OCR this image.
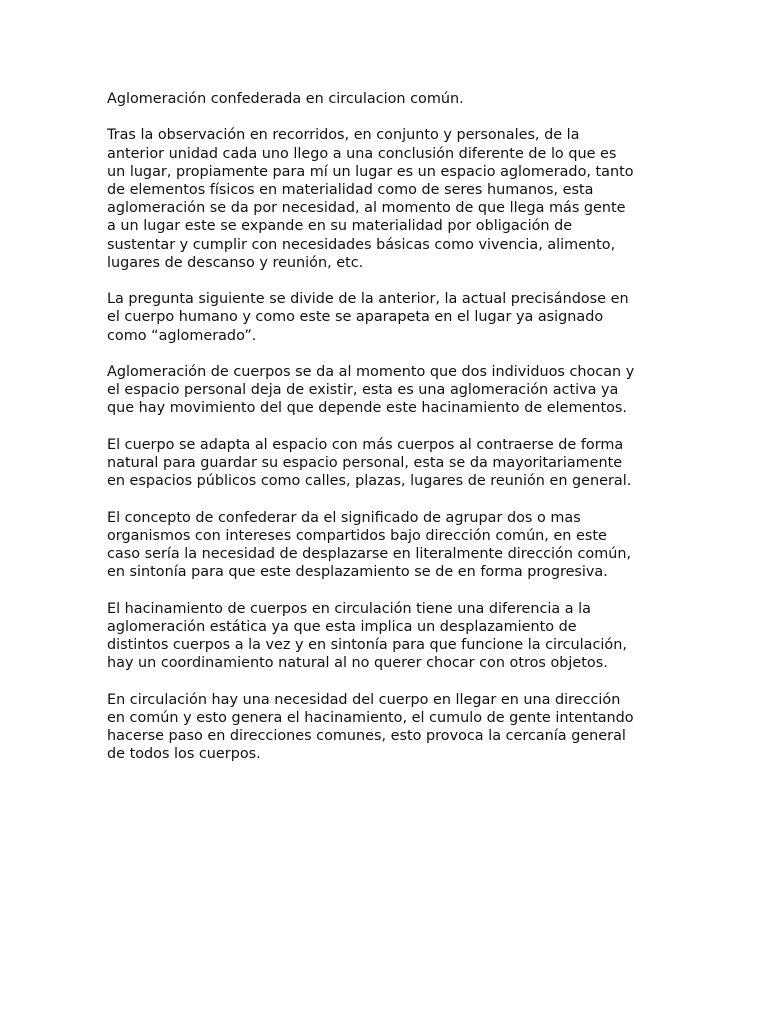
Aglomeración confederada en circulacion común.

Tras la observación en recorridos, en conjunto y personales, de la
anterior unidad cada uno llego a una conclusión diferente de lo que es
un lugar, propiamente para mí un lugar es un espacio aglomerado, tanto
de elementos físicos en materialidad como de seres humanos, esta
aglomeración se da por necesidad, al momento de que llega más gente
a un lugar este se expande en su materialidad por obligación de
sustentar y cumplir con necesidades básicas como vivencia, alimento,
lugares de descanso y reunión, etc.

La pregunta siguiente se divide de la anterior, la actual precisándose en
el cuerpo humano y como este se aparapeta en el lugar ya asignado
como “aglomerado”.

Aglomeración de cuerpos se da al momento que dos individuos chocan y
el espacio personal deja de existir, esta es una aglomeración activa ya
que hay movimiento del que depende este hacinamiento de elementos.

El cuerpo se adapta al espacio con más cuerpos al contraerse de forma
natural para guardar su espacio personal, esta se da mayoritariamente
en espacios públicos como calles, plazas, lugares de reunión en general.

El concepto de confederar da el significado de agrupar dos o mas
organismos con intereses compartidos bajo dirección común, en este
caso sería la necesidad de desplazarse en literalmente dirección común,
en sintonía para que este desplazamiento se de en forma progresiva.

El hacinamiento de cuerpos en circulación tiene una diferencia a la
aglomeración estática ya que esta implica un desplazamiento de
distintos cuerpos a la vez y en sintonía para que funcione la circulación,
hay un coordinamiento natural al no querer chocar con otros objetos.

En circulación hay una necesidad del cuerpo en llegar en una dirección
en común y esto genera el hacinamiento, el cumulo de gente intentando
hacerse paso en direcciones comunes, esto provoca la cercanía general
de todos los cuerpos.
